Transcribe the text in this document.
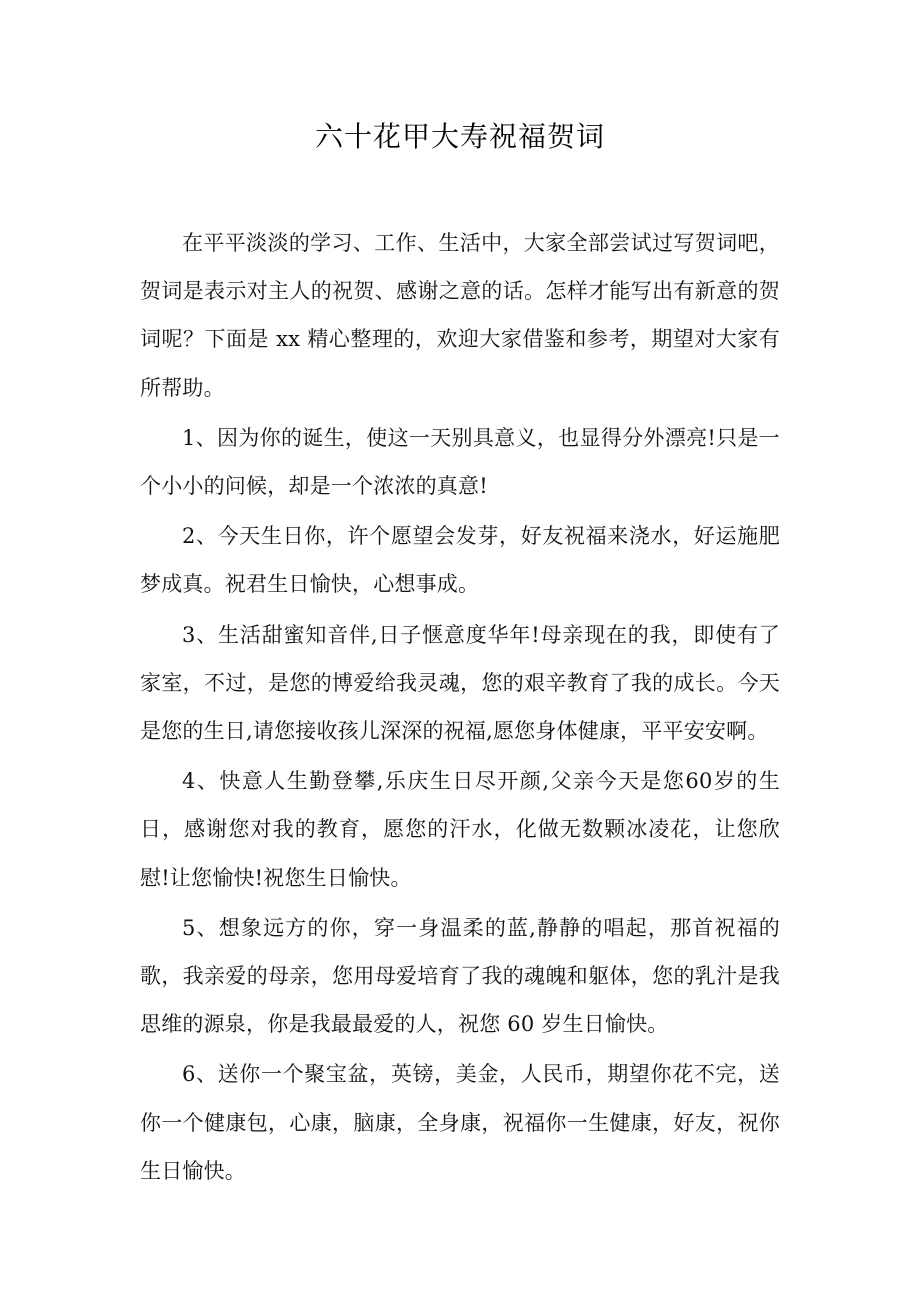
六十花甲大寿祝福贺词

在平平淡淡的学习、工作、生活中，大家全部尝试过写贺词吧，贺词是表示对主人的祝贺、感谢之意的话。怎样才能写出有新意的贺词呢？下面是 xx 精心整理的，欢迎大家借鉴和参考，期望对大家有所帮助。

1、因为你的诞生，使这一天别具意义，也显得分外漂亮!只是一个小小的问候，却是一个浓浓的真意!

2、今天生日你，许个愿望会发芽，好友祝福来浇水，好运施肥梦成真。祝君生日愉快，心想事成。

3、生活甜蜜知音伴,日子惬意度华年!母亲现在的我，即使有了家室，不过，是您的博爱给我灵魂，您的艰辛教育了我的成长。今天是您的生日,请您接收孩儿深深的祝福,愿您身体健康，平平安安啊。

4、快意人生勤登攀,乐庆生日尽开颜,父亲今天是您60岁的生日，感谢您对我的教育，愿您的汗水，化做无数颗冰凌花，让您欣慰!让您愉快!祝您生日愉快。

5、想象远方的你，穿一身温柔的蓝,静静的唱起，那首祝福的歌，我亲爱的母亲，您用母爱培育了我的魂魄和躯体，您的乳汁是我思维的源泉，你是我最最爱的人，祝您 60 岁生日愉快。

6、送你一个聚宝盆，英镑，美金，人民币，期望你花不完，送你一个健康包，心康，脑康，全身康，祝福你一生健康，好友，祝你生日愉快。
